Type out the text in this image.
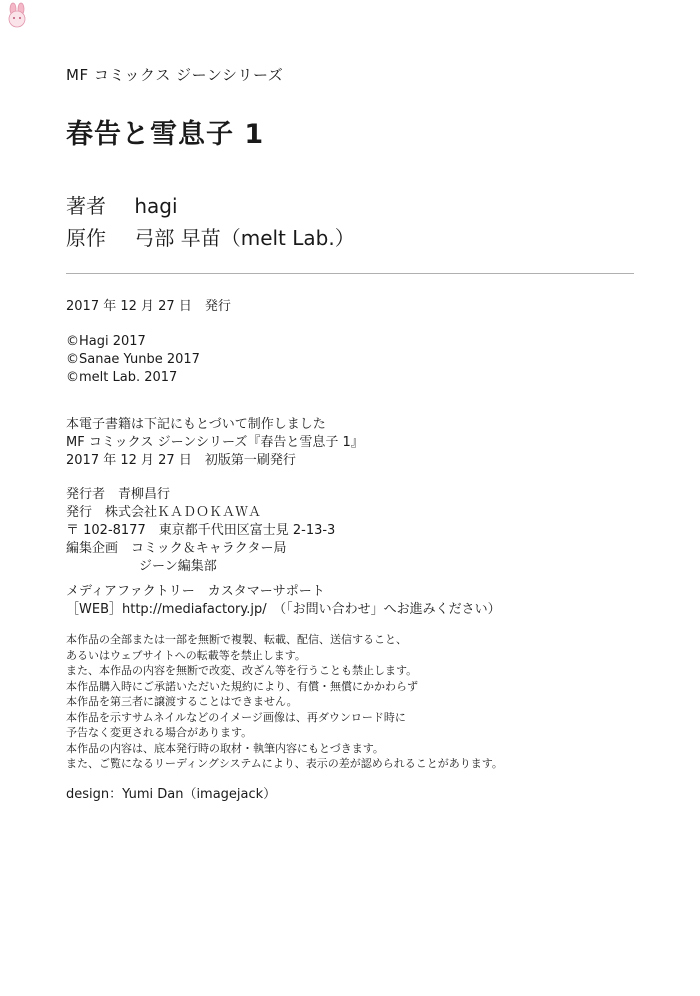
MF コミックス ジーンシリーズ
春告と雪息子 1
著者 hagi
原作 弓部 早苗（melt Lab.）
2017 年 12 月 27 日　発行
©Hagi 2017
©Sanae Yunbe 2017
©melt Lab. 2017
本電子書籍は下記にもとづいて制作しました
MF コミックス ジーンシリーズ『春告と雪息子 1』
2017 年 12 月 27 日　初版第一刷発行
発行者　青柳昌行
発行　株式会社ＫＡＤＯＫＡＷＡ
〒 102-8177　東京都千代田区富士見 2-13-3
編集企画　コミック＆キャラクター局
ジーン編集部
メディアファクトリー　カスタマーサポート
［WEB］http://mediafactory.jp/　（「お問い合わせ」へお進みください）
本作品の全部または一部を無断で複製、転載、配信、送信すること、
あるいはウェブサイトへの転載等を禁止します。
また、本作品の内容を無断で改変、改ざん等を行うことも禁止します。
本作品購入時にご承諾いただいた規約により、有償・無償にかかわらず
本作品を第三者に譲渡することはできません。
本作品を示すサムネイルなどのイメージ画像は、再ダウンロード時に
予告なく変更される場合があります。
本作品の内容は、底本発行時の取材・執筆内容にもとづきます。
また、ご覧になるリーディングシステムにより、表示の差が認められることがあります。
design：Yumi Dan（imagejack）
